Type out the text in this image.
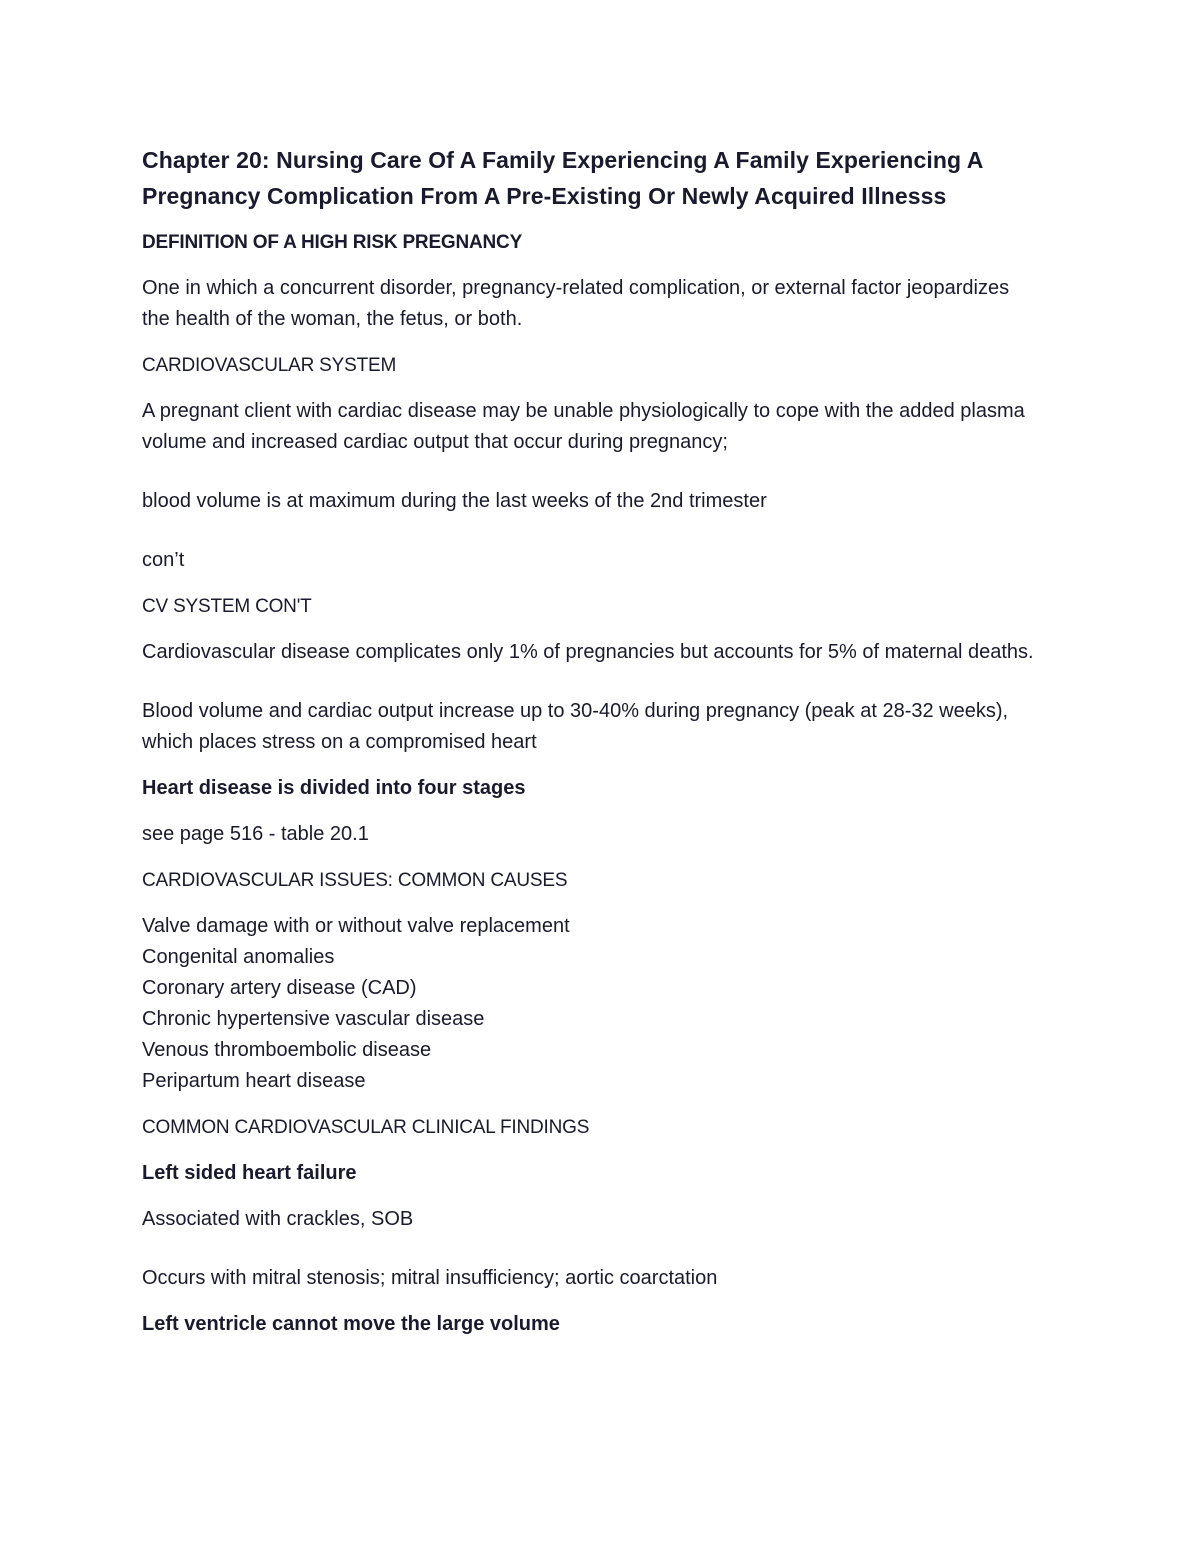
Chapter 20: Nursing Care Of A Family Experiencing A Family Experiencing A
Pregnancy Complication From A Pre-Existing Or Newly Acquired Illnesss
DEFINITION OF A HIGH RISK PREGNANCY
One in which a concurrent disorder, pregnancy-related complication, or external factor jeopardizes the health of the woman, the fetus, or both.
CARDIOVASCULAR SYSTEM
A pregnant client with cardiac disease may be unable physiologically to cope with the added plasma volume and increased cardiac output that occur during pregnancy;
blood volume is at maximum during the last weeks of the 2nd trimester
con’t
CV SYSTEM CON'T
Cardiovascular disease complicates only 1% of pregnancies but accounts for 5% of maternal deaths.
Blood volume and cardiac output increase up to 30-40% during pregnancy (peak at 28-32 weeks), which places stress on a compromised heart
Heart disease is divided into four stages
see page 516 - table 20.1
CARDIOVASCULAR ISSUES: COMMON CAUSES
Valve damage with or without valve replacement
Congenital anomalies
Coronary artery disease (CAD)
Chronic hypertensive vascular disease
Venous thromboembolic disease
Peripartum heart disease
COMMON CARDIOVASCULAR CLINICAL FINDINGS
Left sided heart failure
Associated with crackles, SOB
Occurs with mitral stenosis; mitral insufficiency; aortic coarctation
Left ventricle cannot move the large volume
